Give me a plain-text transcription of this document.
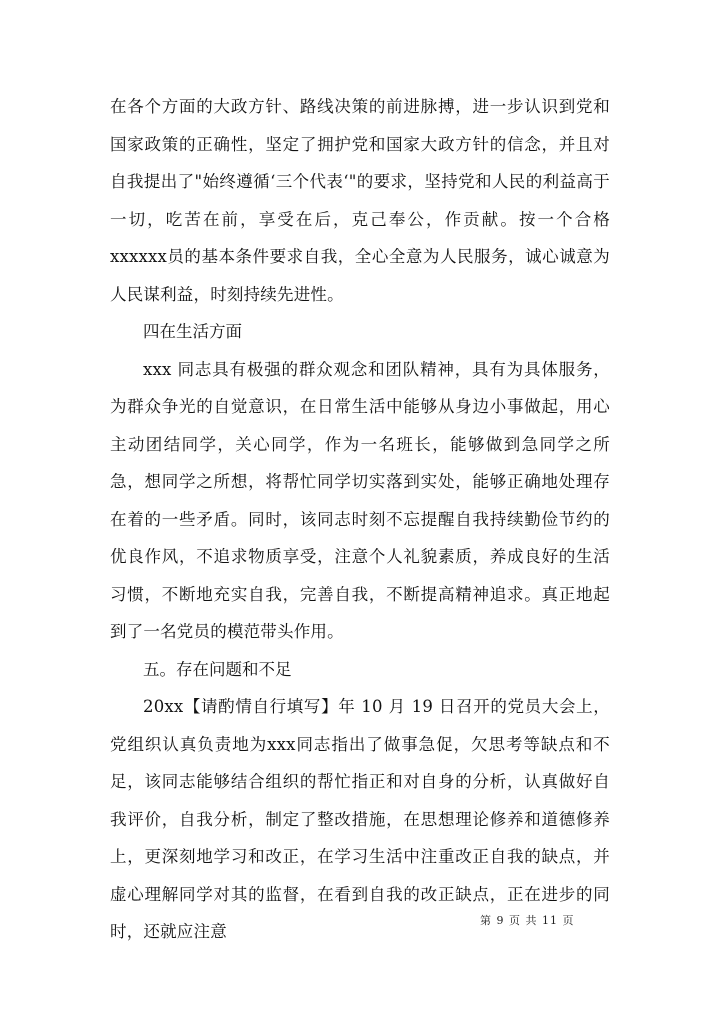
在各个方面的大政方针、路线决策的前进脉搏，进一步认识到党和国家政策的正确性，坚定了拥护党和国家大政方针的信念，并且对自我提出了"始终遵循‘三个代表‘"的要求，坚持党和人民的利益高于一切，吃苦在前，享受在后，克己奉公，作贡献。按一个合格 xxxxxx员的基本条件要求自我，全心全意为人民服务，诚心诚意为人民谋利益，时刻持续先进性。

四在生活方面

xxx 同志具有极强的群众观念和团队精神，具有为具体服务，为群众争光的自觉意识，在日常生活中能够从身边小事做起，用心主动团结同学，关心同学，作为一名班长，能够做到急同学之所急，想同学之所想，将帮忙同学切实落到实处，能够正确地处理存在着的一些矛盾。同时，该同志时刻不忘提醒自我持续勤俭节约的优良作风，不追求物质享受，注意个人礼貌素质，养成良好的生活习惯，不断地充实自我，完善自我，不断提高精神追求。真正地起到了一名党员的模范带头作用。

五。存在问题和不足

20xx【请酌情自行填写】年 10 月 19 日召开的党员大会上，党组织认真负责地为xxx同志指出了做事急促，欠思考等缺点和不足，该同志能够结合组织的帮忙指正和对自身的分析，认真做好自我评价，自我分析，制定了整改措施，在思想理论修养和道德修养上，更深刻地学习和改正，在学习生活中注重改正自我的缺点，并虚心理解同学对其的监督，在看到自我的改正缺点，正在进步的同时，还就应注意

第 9 页 共 11 页
